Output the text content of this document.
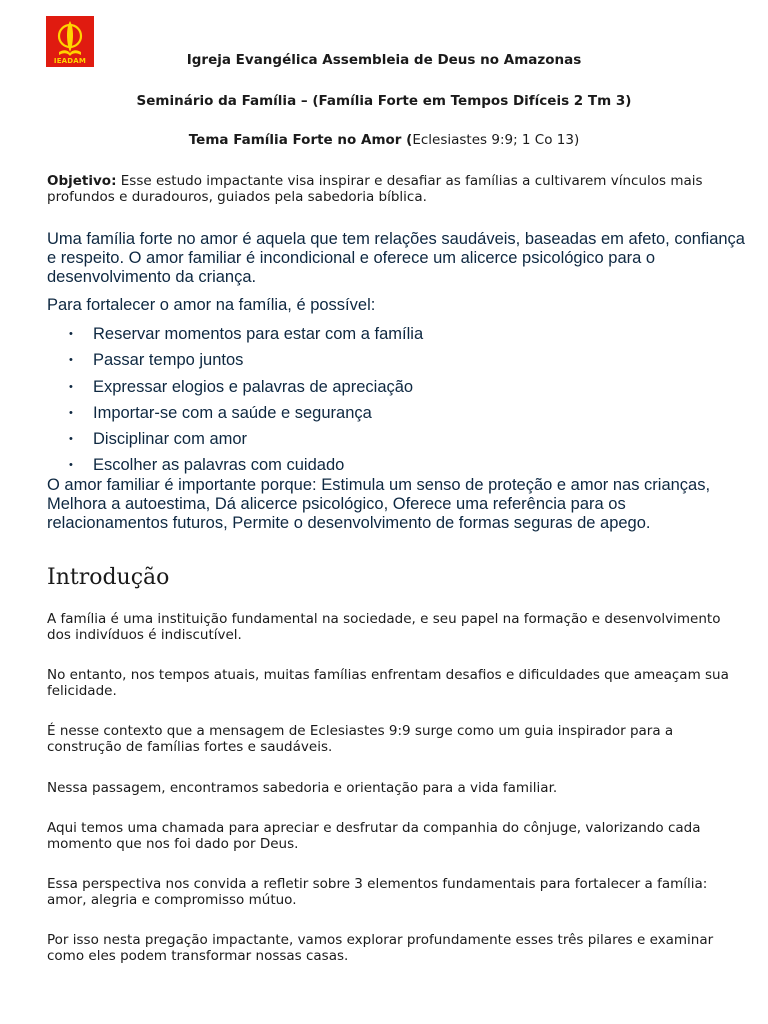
IEADAM	Igreja Evangélica Assembleia de Deus no Amazonas
Seminário da Família – (Família Forte em Tempos Difíceis 2 Tm 3)
Tema Família Forte no Amor (Eclesiastes 9:9; 1 Co 13)
Objetivo: Esse estudo impactante visa inspirar e desafiar as famílias a cultivarem vínculos mais profundos e duradouros, guiados pela sabedoria bíblica.
Uma família forte no amor é aquela que tem relações saudáveis, baseadas em afeto, confiança e respeito. O amor familiar é incondicional e oferece um alicerce psicológico para o desenvolvimento da criança.
Para fortalecer o amor na família, é possível:
• Reservar momentos para estar com a família
• Passar tempo juntos
• Expressar elogios e palavras de apreciação
• Importar-se com a saúde e segurança
• Disciplinar com amor
• Escolher as palavras com cuidado
O amor familiar é importante porque: Estimula um senso de proteção e amor nas crianças, Melhora a autoestima, Dá alicerce psicológico, Oferece uma referência para os relacionamentos futuros, Permite o desenvolvimento de formas seguras de apego.
Introdução
A família é uma instituição fundamental na sociedade, e seu papel na formação e desenvolvimento dos indivíduos é indiscutível.
No entanto, nos tempos atuais, muitas famílias enfrentam desafios e dificuldades que ameaçam sua felicidade.
É nesse contexto que a mensagem de Eclesiastes 9:9 surge como um guia inspirador para a construção de famílias fortes e saudáveis.
Nessa passagem, encontramos sabedoria e orientação para a vida familiar.
Aqui temos uma chamada para apreciar e desfrutar da companhia do cônjuge, valorizando cada momento que nos foi dado por Deus.
Essa perspectiva nos convida a refletir sobre 3 elementos fundamentais para fortalecer a família: amor, alegria e compromisso mútuo.
Por isso nesta pregação impactante, vamos explorar profundamente esses três pilares e examinar como eles podem transformar nossas casas.
